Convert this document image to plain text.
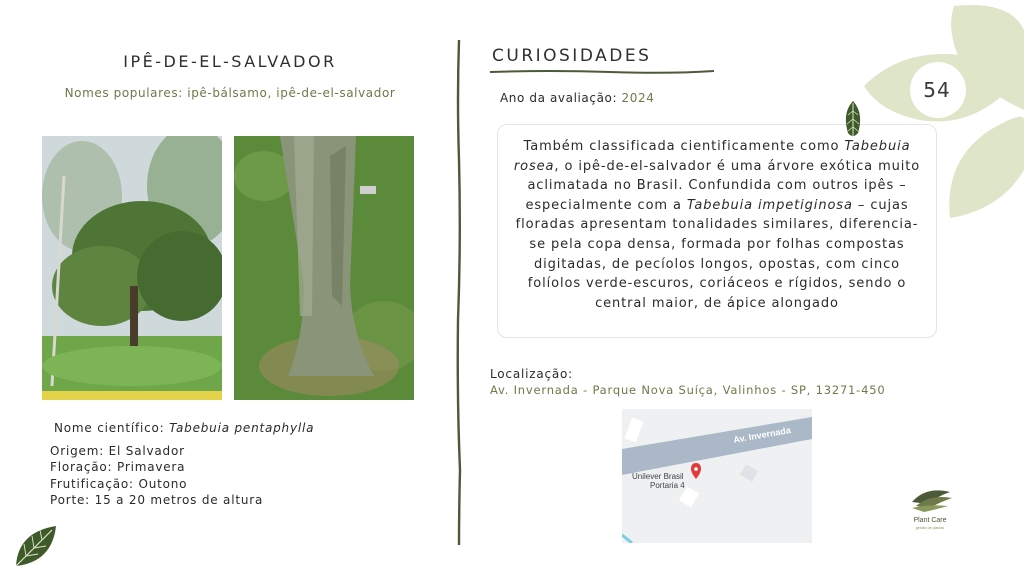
IPÊ-DE-EL-SALVADOR
Nomes populares: ipê-bálsamo, ipê-de-el-salvador
Nome científico: Tabebuia pentaphylla
Origem: El Salvador
Floração: Primavera
Frutificação: Outono
Porte: 15 a 20 metros de altura
CURIOSIDADES
Ano da avaliação: 2024

Também classificada cientificamente como Tabebuia rosea, o ipê-de-el-salvador é uma árvore exótica muito aclimatada no Brasil. Confundida com outros ipês – especialmente com a Tabebuia impetiginosa – cujas floradas apresentam tonalidades similares, diferencia-se pela copa densa, formada por folhas compostas digitadas, de pecíolos longos, opostas, com cinco folíolos verde-escuros, coriáceos e rígidos, sendo o central maior, de ápice alongado

Localização:
Av. Invernada - Parque Nova Suíça, Valinhos - SP, 13271-450
Av. Invernada
Unilever Brasil
Portaria 4
54
Plant Care
gestão de plantas
